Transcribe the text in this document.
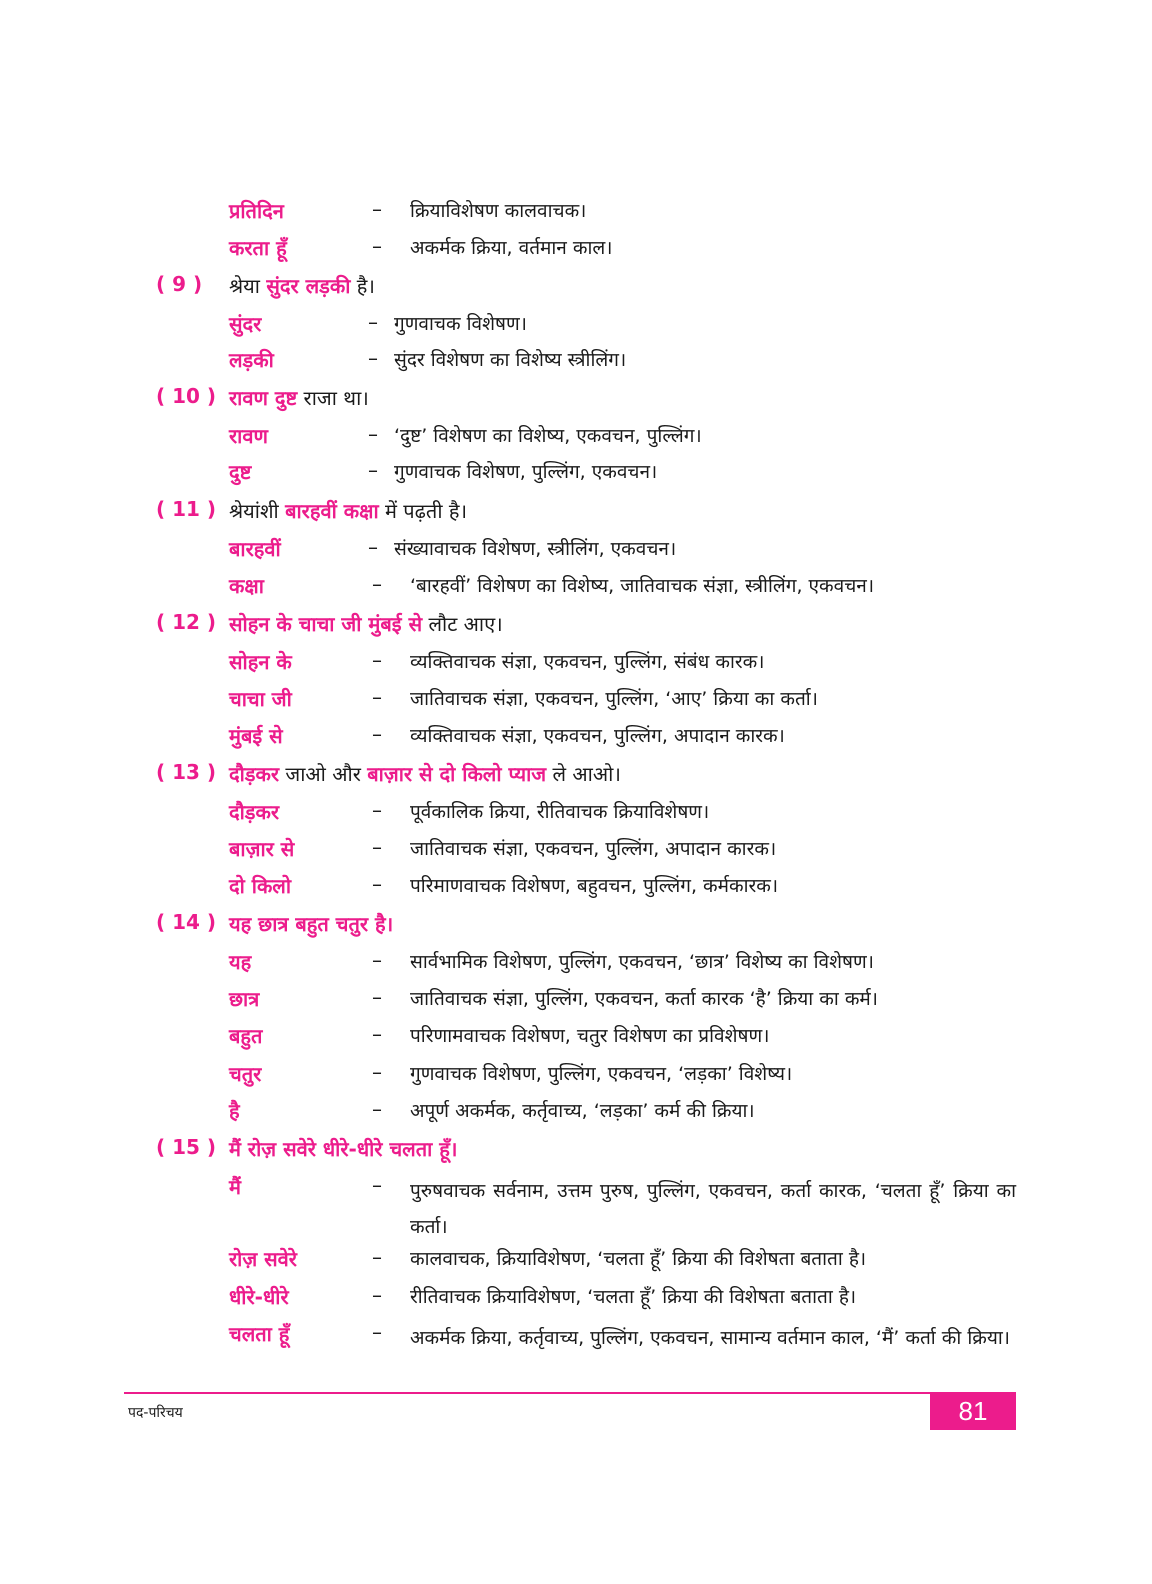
प्रतिदिन	– क्रियाविशेषण कालवाचक।
करता हूँ	– अकर्मक क्रिया, वर्तमान काल।
( 9 ) श्रेया सुंदर लड़की है।
सुंदर	– गुणवाचक विशेषण।
लड़की	– सुंदर विशेषण का विशेष्य स्त्रीलिंग।
( 10 ) रावण दुष्ट राजा था।
रावण	– ‘दुष्ट’ विशेषण का विशेष्य, एकवचन, पुल्लिंग।
दुष्ट	– गुणवाचक विशेषण, पुल्लिंग, एकवचन।
( 11 ) श्रेयांशी बारहवीं कक्षा में पढ़ती है।
बारहवीं	– संख्यावाचक विशेषण, स्त्रीलिंग, एकवचन।
कक्षा	– ‘बारहवीं’ विशेषण का विशेष्य, जातिवाचक संज्ञा, स्त्रीलिंग, एकवचन।
( 12 ) सोहन के चाचा जी मुंबई से लौट आए।
सोहन के	– व्यक्तिवाचक संज्ञा, एकवचन, पुल्लिंग, संबंध कारक।
चाचा जी	– जातिवाचक संज्ञा, एकवचन, पुल्लिंग, ‘आए’ क्रिया का कर्ता।
मुंबई से	– व्यक्तिवाचक संज्ञा, एकवचन, पुल्लिंग, अपादान कारक।
( 13 ) दौड़कर जाओ और बाज़ार से दो किलो प्याज ले आओ।
दौड़कर	– पूर्वकालिक क्रिया, रीतिवाचक क्रियाविशेषण।
बाज़ार से	– जातिवाचक संज्ञा, एकवचन, पुल्लिंग, अपादान कारक।
दो किलो	– परिमाणवाचक विशेषण, बहुवचन, पुल्लिंग, कर्मकारक।
( 14 ) यह छात्र बहुत चतुर है।
यह	– सार्वभामिक विशेषण, पुल्लिंग, एकवचन, ‘छात्र’ विशेष्य का विशेषण।
छात्र	– जातिवाचक संज्ञा, पुल्लिंग, एकवचन, कर्ता कारक ‘है’ क्रिया का कर्म।
बहुत	– परिणामवाचक विशेषण, चतुर विशेषण का प्रविशेषण।
चतुर	– गुणवाचक विशेषण, पुल्लिंग, एकवचन, ‘लड़का’ विशेष्य।
है	– अपूर्ण अकर्मक, कर्तृवाच्य, ‘लड़का’ कर्म की क्रिया।
( 15 ) मैं रोज़ सवेरे धीरे-धीरे चलता हूँ।
मैं	– पुरुषवाचक सर्वनाम, उत्तम पुरुष, पुल्लिंग, एकवचन, कर्ता कारक, ‘चलता हूँ’ क्रिया का कर्ता।
रोज़ सवेरे	– कालवाचक, क्रियाविशेषण, ‘चलता हूँ’ क्रिया की विशेषता बताता है।
धीरे-धीरे	– रीतिवाचक क्रियाविशेषण, ‘चलता हूँ’ क्रिया की विशेषता बताता है।
चलता हूँ	– अकर्मक क्रिया, कर्तृवाच्य, पुल्लिंग, एकवचन, सामान्य वर्तमान काल, ‘मैं’ कर्ता की क्रिया।
पद-परिचय	81
